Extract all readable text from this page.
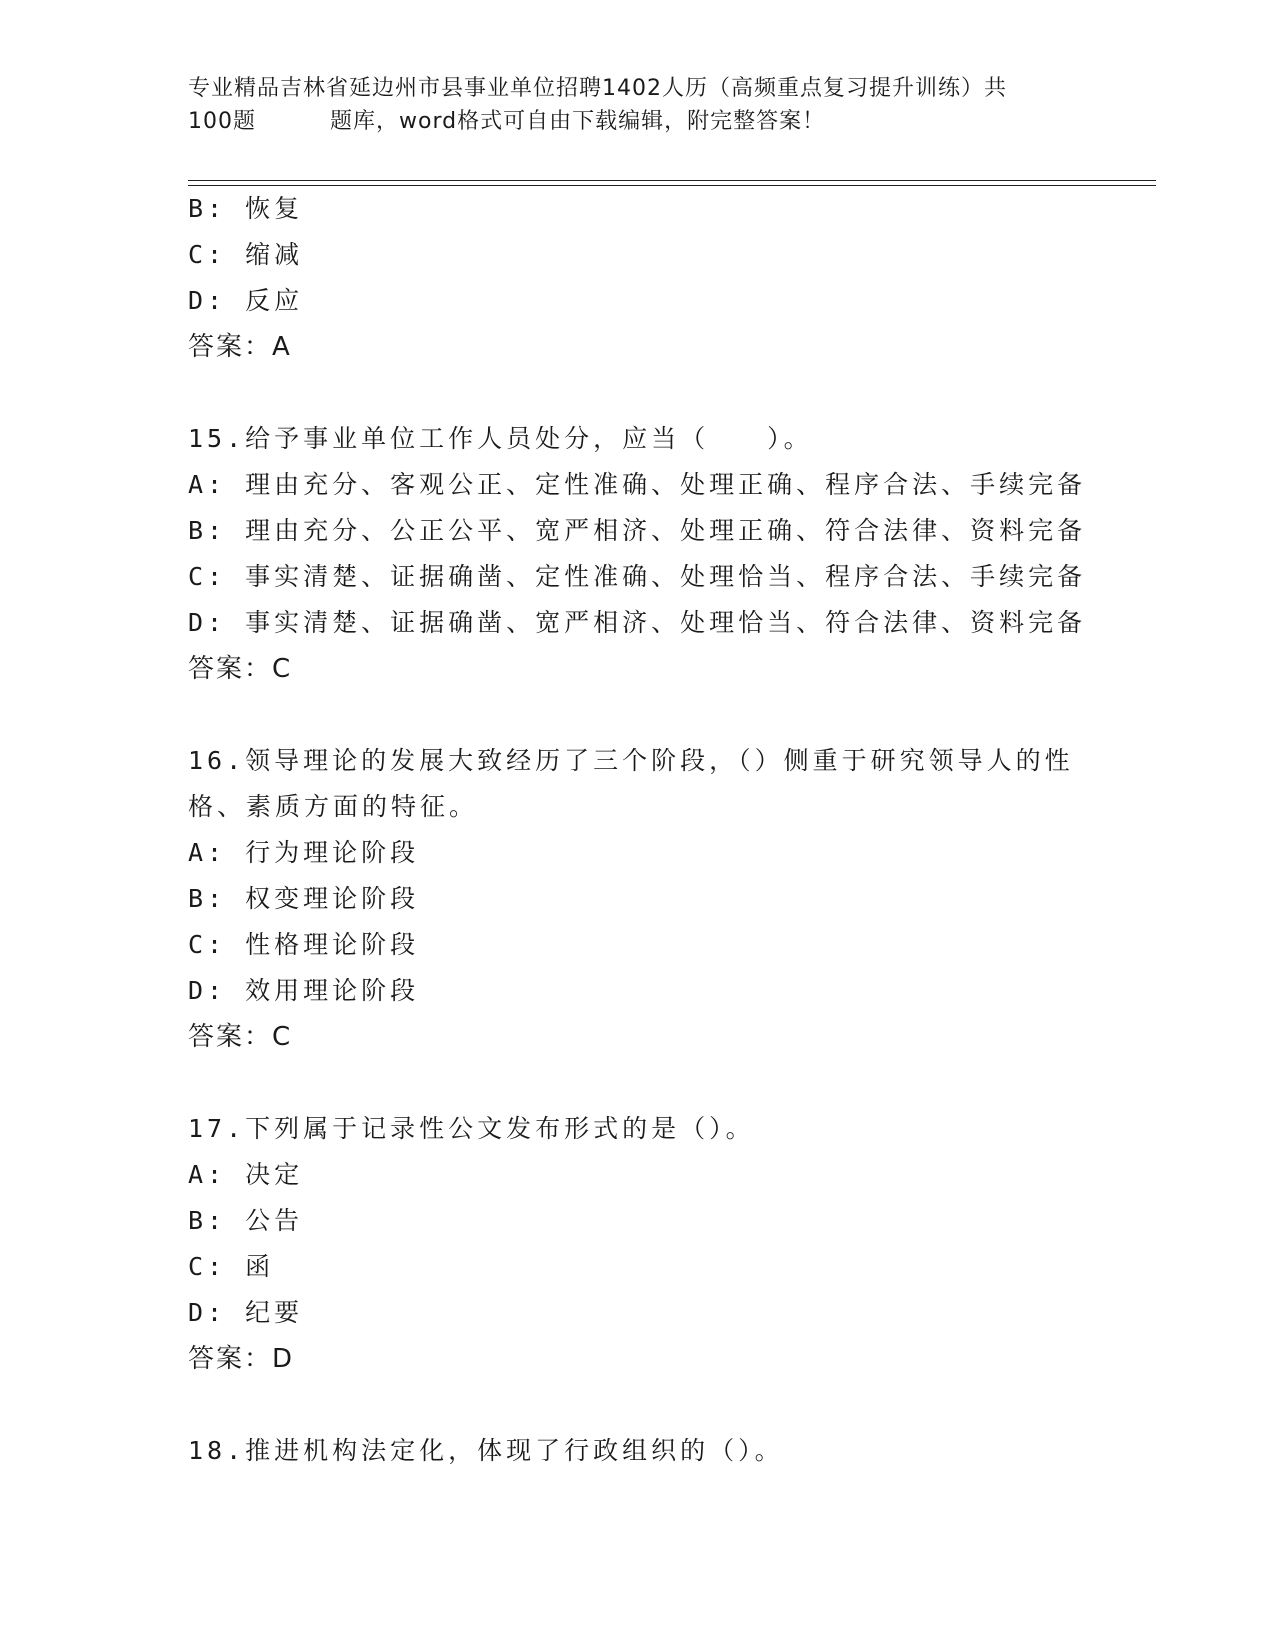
专业精品吉林省延边州市县事业单位招聘1402人历（高频重点复习提升训练）共
100题	题库，word格式可自由下载编辑，附完整答案！
B: 恢复
C: 缩减
D: 反应
答案：A
15.给予事业单位工作人员处分，应当（　　）。
A: 理由充分、客观公正、定性准确、处理正确、程序合法、手续完备
B: 理由充分、公正公平、宽严相济、处理正确、符合法律、资料完备
C: 事实清楚、证据确凿、定性准确、处理恰当、程序合法、手续完备
D: 事实清楚、证据确凿、宽严相济、处理恰当、符合法律、资料完备
答案：C
16.领导理论的发展大致经历了三个阶段，（）侧重于研究领导人的性
格、素质方面的特征。
A: 行为理论阶段
B: 权变理论阶段
C: 性格理论阶段
D: 效用理论阶段
答案：C
17.下列属于记录性公文发布形式的是（）。
A: 决定
B: 公告
C: 函
D: 纪要
答案：D
18.推进机构法定化，体现了行政组织的（）。
